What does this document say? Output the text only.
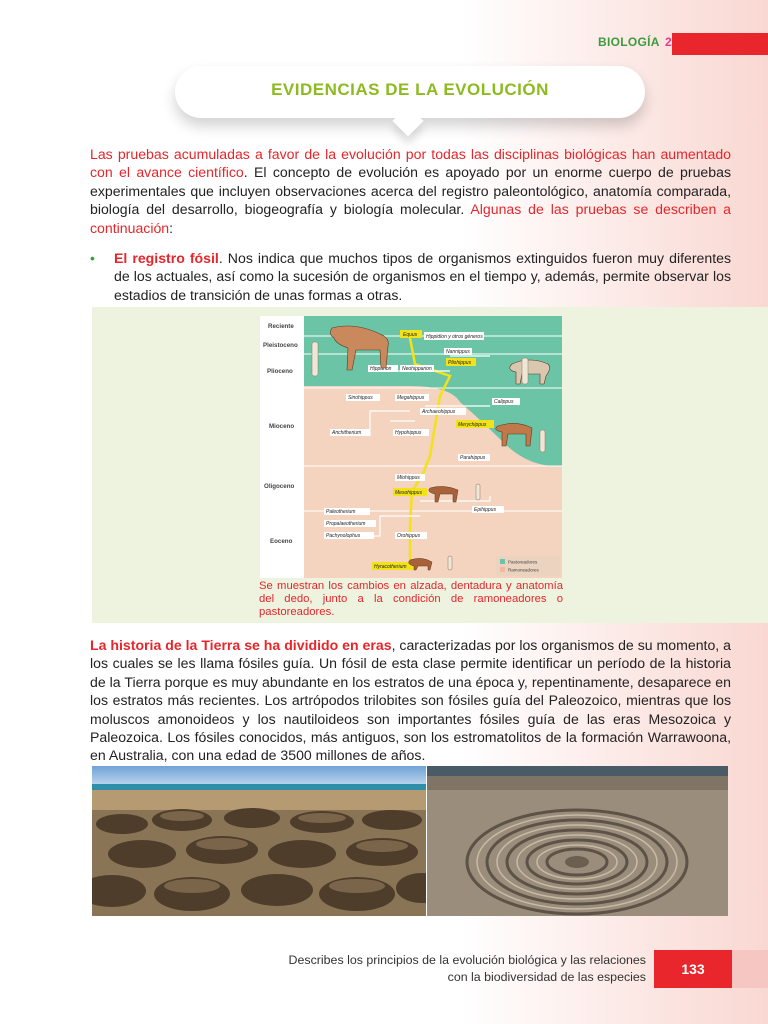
BIOLOGÍA 2
EVIDENCIAS DE LA EVOLUCIÓN

Las pruebas acumuladas a favor de la evolución por todas las disciplinas biológicas han aumentado con el avance científico. El concepto de evolución es apoyado por un enorme cuerpo de pruebas experimentales que incluyen observaciones acerca del registro paleontológico, anatomía comparada, biología del desarrollo, biogeografía y biología molecular. Algunas de las pruebas se describen a continuación:

• El registro fósil. Nos indica que muchos tipos de organismos extinguidos fueron muy diferentes de los actuales, así como la sucesión de organismos en el tiempo y, además, permite observar los estadios de transición de unas formas a otras.

Reciente
Pleistoceno
Plioceno
Mioceno
Oligoceno
Eoceno
Equus Hippidion y otros géneros
Nannippus
Pliohippus
Hipparion Neohipparion
Calippus
Sinohippus	Megahippus
Archaeohippus
Anchitherium	Hypohippus
Merychippus
Parahippus
Miohippus
Mesohippus
Epihippus
Paleotherium
Propalaeotherium
Pachynolophus	Orohippus
Hyracotherium
Pastoreadores
Ramoneadores

Se muestran los cambios en alzada, dentadura y anatomía del dedo, junto a la condición de ramoneadores o pastoreadores.

La historia de la Tierra se ha dividido en eras, caracterizadas por los organismos de su momento, a los cuales se les llama fósiles guía. Un fósil de esta clase permite identificar un período de la historia de la Tierra porque es muy abundante en los estratos de una época y, repentinamente, desaparece en los estratos más recientes. Los artrópodos trilobites son fósiles guía del Paleozoico, mientras que los moluscos amonoideos y los nautiloideos son importantes fósiles guía de las eras Mesozoica y Paleozoica. Los fósiles conocidos, más antiguos, son los estromatolitos de la formación Warrawoona, en Australia, con una edad de 3500 millones de años.

Describes los principios de la evolución biológica y las relaciones
con la biodiversidad de las especies	133
